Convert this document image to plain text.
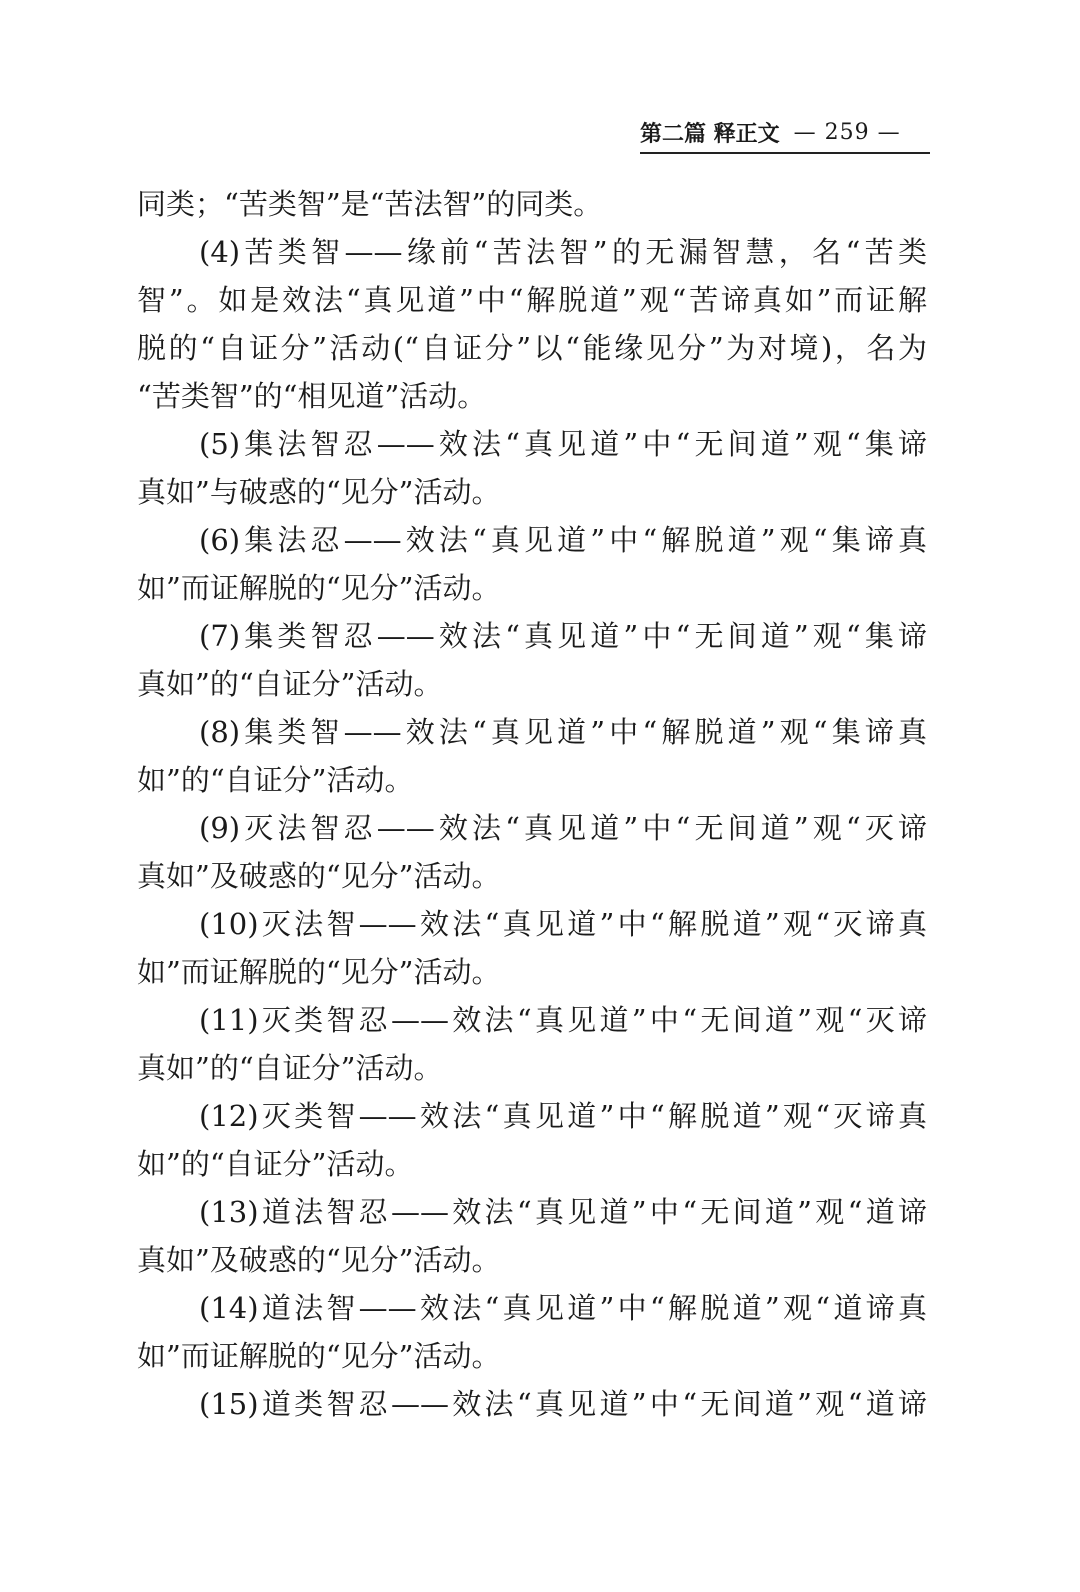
第二篇 释正文 — 259 —
同类；“苦类智”是“苦法智”的同类。
(4)苦类智——缘前“苦法智”的无漏智慧，名“苦类
智”。如是效法“真见道”中“解脱道”观“苦谛真如”而证解
脱的“自证分”活动(“自证分”以“能缘见分”为对境)，名为
“苦类智”的“相见道”活动。
(5)集法智忍——效法“真见道”中“无间道”观“集谛
真如”与破惑的“见分”活动。
(6)集法忍——效法“真见道”中“解脱道”观“集谛真
如”而证解脱的“见分”活动。
(7)集类智忍——效法“真见道”中“无间道”观“集谛
真如”的“自证分”活动。
(8)集类智——效法“真见道”中“解脱道”观“集谛真
如”的“自证分”活动。
(9)灭法智忍——效法“真见道”中“无间道”观“灭谛
真如”及破惑的“见分”活动。
(10)灭法智——效法“真见道”中“解脱道”观“灭谛真
如”而证解脱的“见分”活动。
(11)灭类智忍——效法“真见道”中“无间道”观“灭谛
真如”的“自证分”活动。
(12)灭类智——效法“真见道”中“解脱道”观“灭谛真
如”的“自证分”活动。
(13)道法智忍——效法“真见道”中“无间道”观“道谛
真如”及破惑的“见分”活动。
(14)道法智——效法“真见道”中“解脱道”观“道谛真
如”而证解脱的“见分”活动。
(15)道类智忍——效法“真见道”中“无间道”观“道谛
